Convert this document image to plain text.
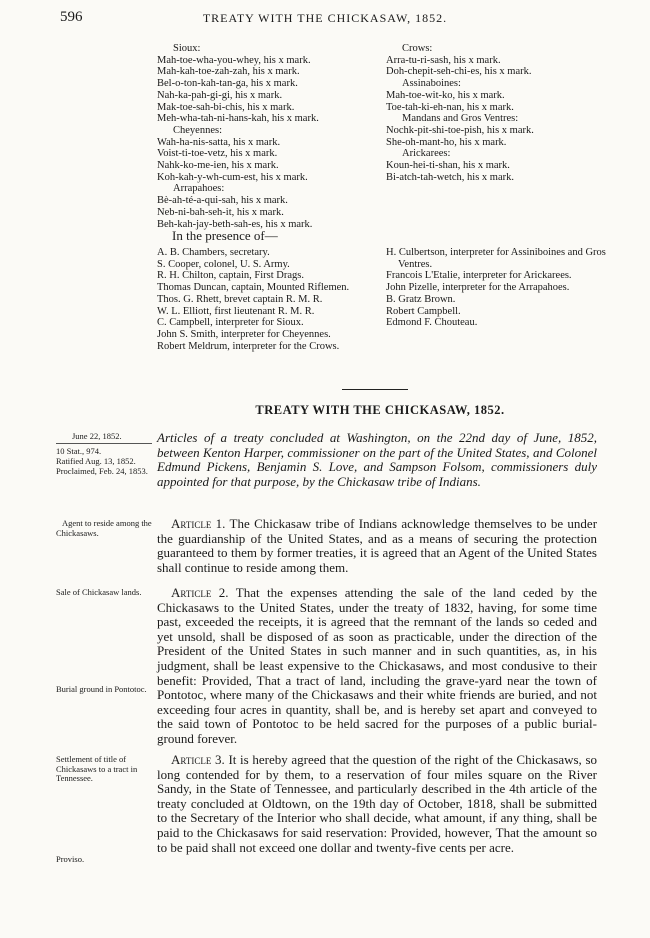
596	TREATY WITH THE CHICKASAW, 1852.
Sioux:
Mah-toe-wha-you-whey, his x mark.
Mah-kah-toe-zah-zah, his x mark.
Bel-o-ton-kah-tan-ga, his x mark.
Nah-ka-pah-gi-gi, his x mark.
Mak-toe-sah-bi-chis, his x mark.
Meh-wha-tah-ni-hans-kah, his x mark.
Cheyennes:
Wah-ha-nis-satta, his x mark.
Voist-ti-toe-vetz, his x mark.
Nahk-ko-me-ien, his x mark.
Koh-kah-y-wh-cum-est, his x mark.
Arrapahoes:
Bè-ah-té-a-qui-sah, his x mark.
Neb-ni-bah-seh-it, his x mark.
Beh-kah-jay-beth-sah-es, his x mark.
Crows:
Arra-tu-ri-sash, his x mark.
Doh-chepit-seh-chi-es, his x mark.
Assinaboines:
Mah-toe-wit-ko, his x mark.
Toe-tah-ki-eh-nan, his x mark.
Mandans and Gros Ventres:
Nochk-pit-shi-toe-pish, his x mark.
She-oh-mant-ho, his x mark.
Arickarees:
Koun-hei-ti-shan, his x mark.
Bi-atch-tah-wetch, his x mark.
In the presence of—
A. B. Chambers, secretary.
S. Cooper, colonel, U. S. Army.
R. H. Chilton, captain, First Drags.
Thomas Duncan, captain, Mounted Riflemen.
Thos. G. Rhett, brevet captain R. M. R.
W. L. Elliott, first lieutenant R. M. R.
C. Campbell, interpreter for Sioux.
John S. Smith, interpreter for Cheyennes.
Robert Meldrum, interpreter for the Crows.
H. Culbertson, interpreter for Assiniboines and Gros Ventres.
Francois L'Etalie, interpreter for Arickarees.
John Pizelle, interpreter for the Arrapahoes.
B. Gratz Brown.
Robert Campbell.
Edmond F. Chouteau.
TREATY WITH THE CHICKASAW, 1852.
June 22, 1852.
10 Stat., 974.
Ratified Aug. 13, 1852.
Proclaimed, Feb. 24, 1853.
Articles of a treaty concluded at Washington, on the 22nd day of June, 1852, between Kenton Harper, commissioner on the part of the United States, and Colonel Edmund Pickens, Benjamin S. Love, and Sampson Folsom, commissioners duly appointed for that purpose, by the Chickasaw tribe of Indians.
Agent to reside among the Chickasaws.
Sale of Chickasaw lands.
Burial ground in Pontotoc.
Settlement of title of Chickasaws to a tract in Tennessee.
Proviso.
Article 1. The Chickasaw tribe of Indians acknowledge themselves to be under the guardianship of the United States, and as a means of securing the protection guaranteed to them by former treaties, it is agreed that an Agent of the United States shall continue to reside among them.
Article 2. That the expenses attending the sale of the land ceded by the Chickasaws to the United States, under the treaty of 1832, having, for some time past, exceeded the receipts, it is agreed that the remnant of the lands so ceded and yet unsold, shall be disposed of as soon as practicable, under the direction of the President of the United States in such manner and in such quantities, as, in his judgment, shall be least expensive to the Chickasaws, and most condusive to their benefit: Provided, That a tract of land, including the grave-yard near the town of Pontotoc, where many of the Chickasaws and their white friends are buried, and not exceeding four acres in quantity, shall be, and is hereby set apart and conveyed to the said town of Pontotoc to be held sacred for the purposes of a public burial-ground forever.
Article 3. It is hereby agreed that the question of the right of the Chickasaws, so long contended for by them, to a reservation of four miles square on the River Sandy, in the State of Tennessee, and particularly described in the 4th article of the treaty concluded at Oldtown, on the 19th day of October, 1818, shall be submitted to the Secretary of the Interior who shall decide, what amount, if any thing, shall be paid to the Chickasaws for said reservation: Provided, however, That the amount so to be paid shall not exceed one dollar and twenty-five cents per acre.
